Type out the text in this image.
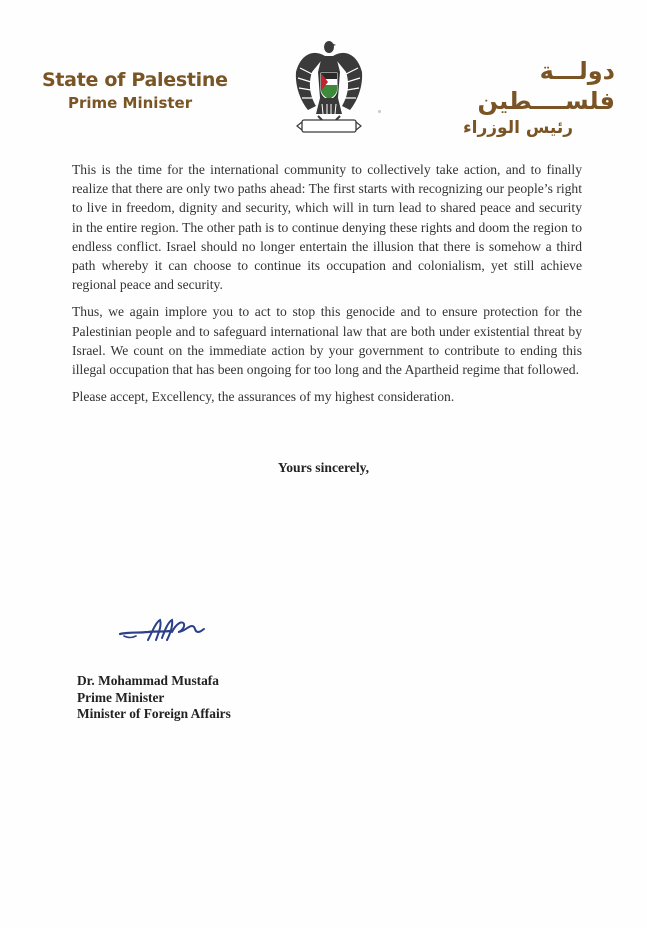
State of Palestine
Prime Minister
دولـــة فلســــطين
رئيس الوزراء

This is the time for the international community to collectively take action, and to finally realize that there are only two paths ahead: The first starts with recognizing our people’s right to live in freedom, dignity and security, which will in turn lead to shared peace and security in the entire region. The other path is to continue denying these rights and doom the region to endless conflict. Israel should no longer entertain the illusion that there is somehow a third path whereby it can choose to continue its occupation and colonialism, yet still achieve regional peace and security.

Thus, we again implore you to act to stop this genocide and to ensure protection for the Palestinian people and to safeguard international law that are both under existential threat by Israel. We count on the immediate action by your government to contribute to ending this illegal occupation that has been ongoing for too long and the Apartheid regime that followed.

Please accept, Excellency, the assurances of my highest consideration.

Yours sincerely,
Dr. Mohammad Mustafa
Prime Minister
Minister of Foreign Affairs
